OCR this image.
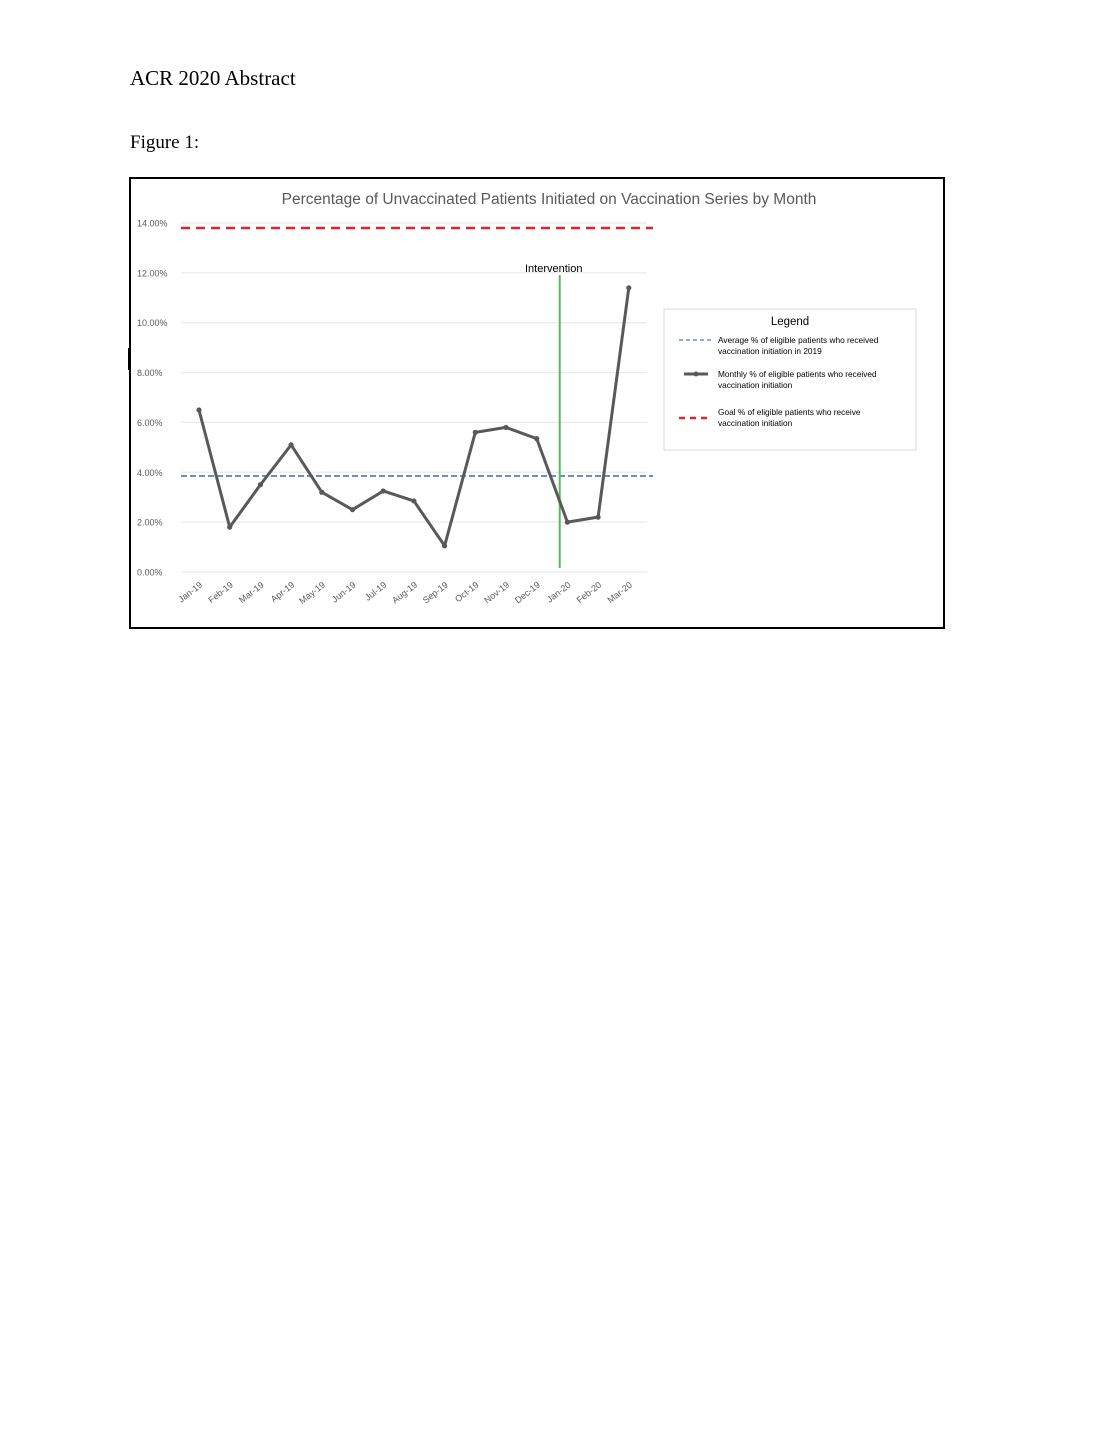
ACR 2020 Abstract
Figure 1:
Percentage of Unvaccinated Patients Initiated on Vaccination Series by Month
0.00%
2.00%
4.00%
6.00%
8.00%
10.00%
12.00%
14.00%
Jan-19 Feb-19 Mar-19 Apr-19 May-19 Jun-19 Jul-19 Aug-19 Sep-19 Oct-19 Nov-19 Dec-19 Jan-20 Feb-20 Mar-20
Intervention
Legend
Average % of eligible patients who received
vaccination initiation in 2019
Monthly % of eligible patients who received
vaccination initiation
Goal % of eligible patients who receive
vaccination initiation
